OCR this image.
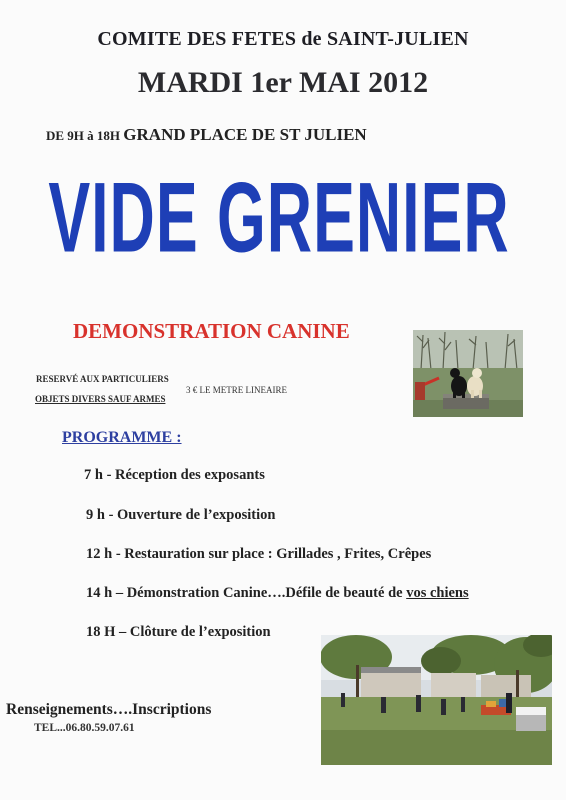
COMITE DES FETES de SAINT-JULIEN
MARDI 1er MAI 2012
DE 9H à 18H GRAND PLACE DE ST JULIEN
VIDE GRENIER
DEMONSTRATION CANINE
RESERVÉ AUX PARTICULIERS
OBJETS DIVERS SAUF ARMES
3 € LE METRE LINEAIRE
PROGRAMME :
7 h - Réception des exposants
9 h - Ouverture de l’exposition
12 h - Restauration sur place : Grillades , Frites, Crêpes
14 h – Démonstration Canine….Défile de beauté de vos chiens
18 H – Clôture de l’exposition
Renseignements….Inscriptions
TEL...06.80.59.07.61
